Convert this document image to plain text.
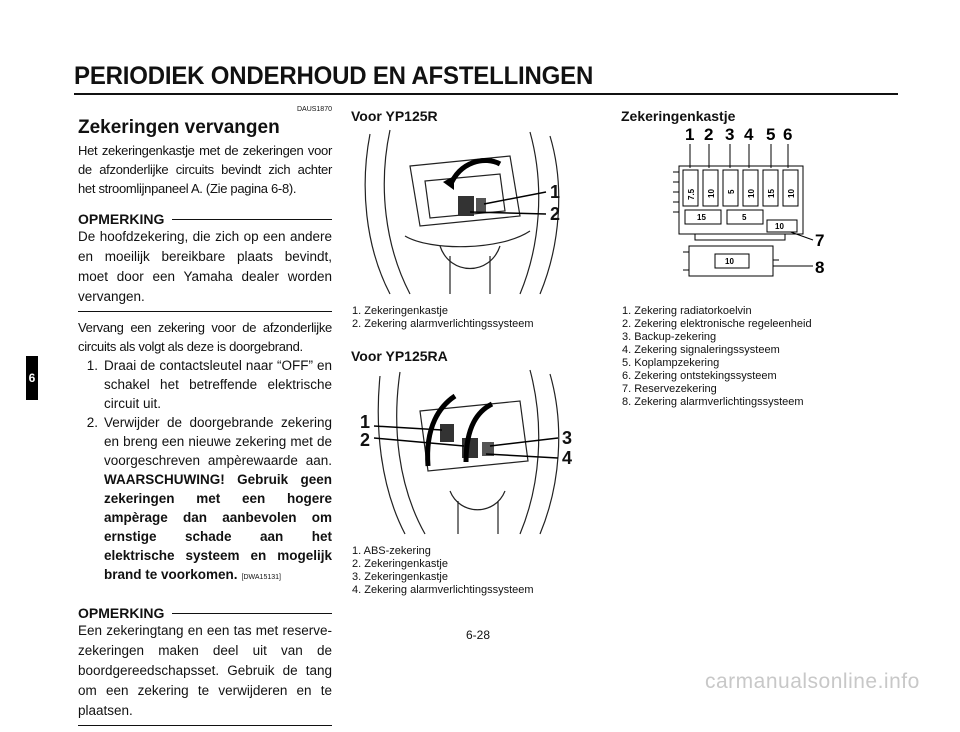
PERIODIEK ONDERHOUD EN AFSTELLINGEN
6
DAUS1870
Zekeringen vervangen
Het zekeringenkastje met de zekeringen voor de afzonderlijke circuits bevindt zich achter het stroomlijnpaneel A. (Zie pagina 6-8).
OPMERKING
De hoofdzekering, die zich op een andere en moeilijk bereikbare plaats bevindt, moet door een Yamaha dealer worden vervangen.
Vervang een zekering voor de afzonderlijke circuits als volgt als deze is doorgebrand.
1. Draai de contactsleutel naar “OFF” en schakel het betreffende elektrische circuit uit.
2. Verwijder de doorgebrande zekering en breng een nieuwe zekering met de voorgeschreven ampèrewaarde aan. WAARSCHUWING! Gebruik geen zekeringen met een hogere ampèrage dan aanbevolen om ernstige schade aan het elektrische systeem en mogelijk brand te voorkomen. [DWA15131]
OPMERKING
Een zekeringtang en een tas met reserve-zekeringen maken deel uit van de boordgereedschapsset. Gebruik de tang om een zekering te verwijderen en te plaatsen.
Voor YP125R
1
2
1. Zekeringenkastje
2. Zekering alarmverlichtingssysteem
Voor YP125RA
1
2	3
4
1. ABS-zekering
2. Zekeringenkastje
3. Zekeringenkastje
4. Zekering alarmverlichtingssysteem
Zekeringenkastje
1 2 3 4 5 6
7
8
7.5 10 5 10 15 10
15	5
10
10
1. Zekering radiatorkoelvin
2. Zekering elektronische regeleenheid
3. Backup-zekering
4. Zekering signaleringssysteem
5. Koplampzekering
6. Zekering ontstekingssysteem
7. Reservezekering
8. Zekering alarmverlichtingssysteem
6-28
carmanualsonline.info
